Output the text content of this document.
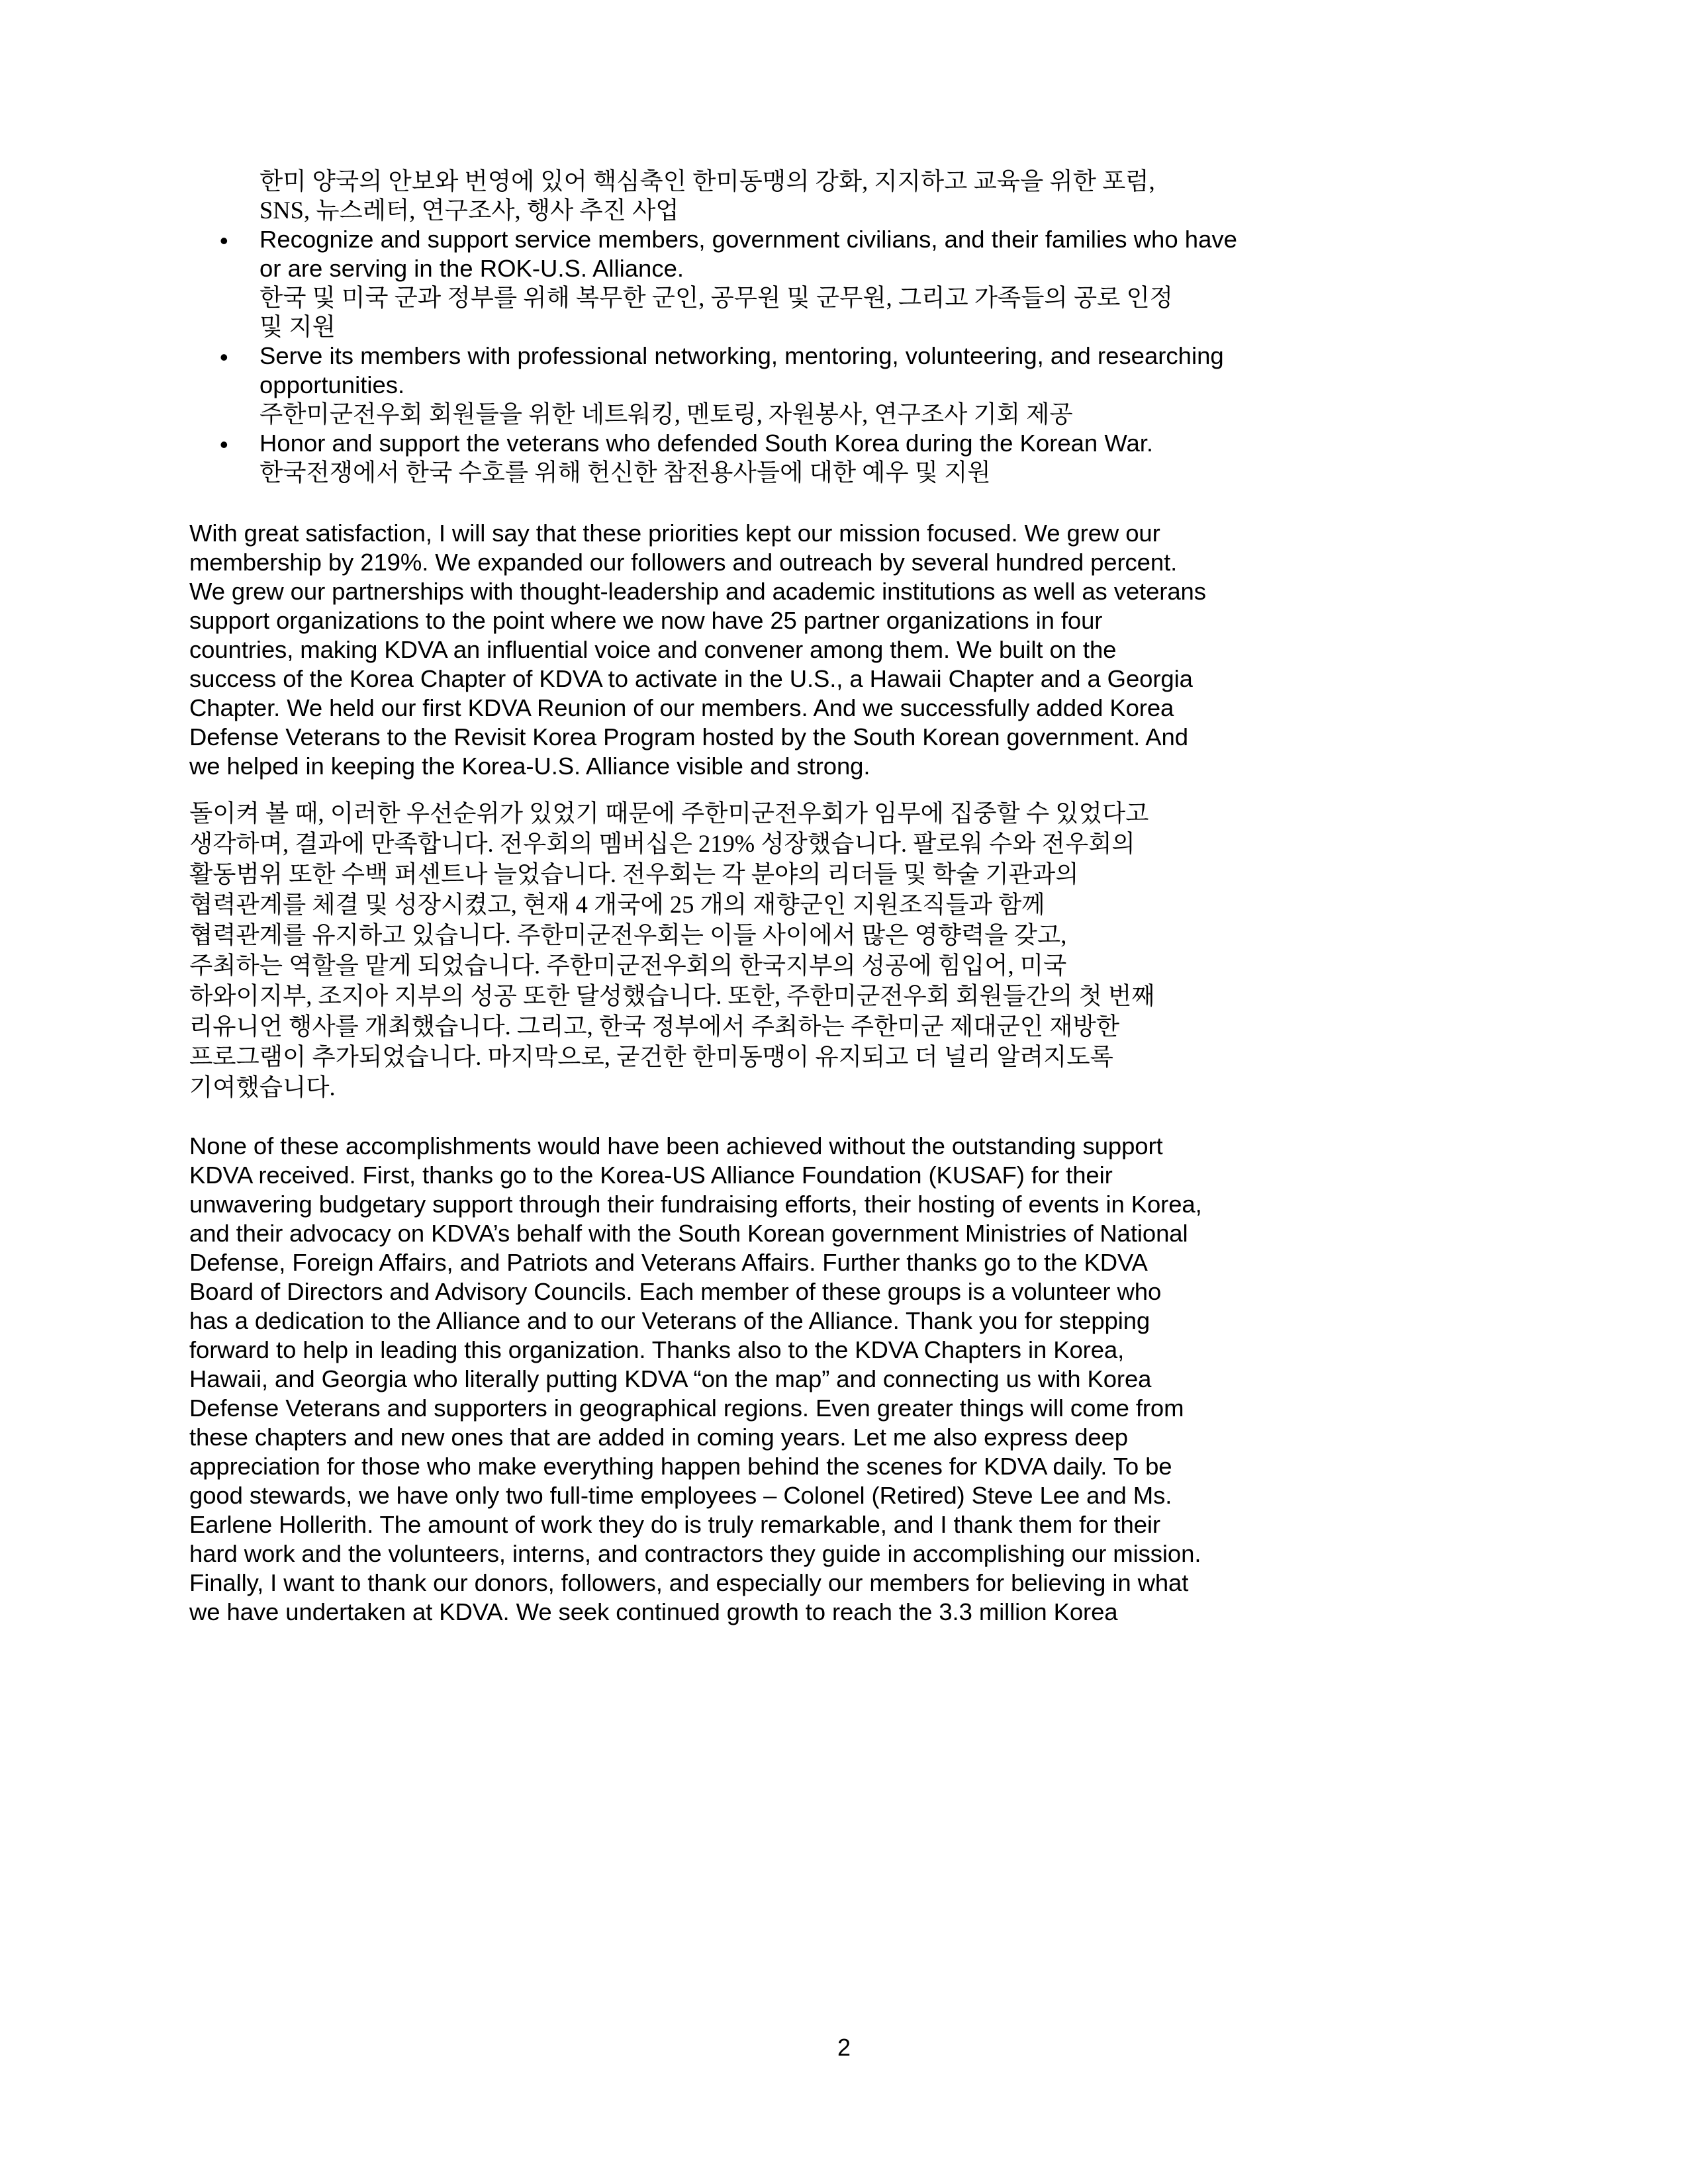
한미 양국의 안보와 번영에 있어 핵심축인 한미동맹의 강화, 지지하고 교육을 위한 포럼,
SNS, 뉴스레터, 연구조사, 행사 추진 사업
• Recognize and support service members, government civilians, and their families who have
or are serving in the ROK-U.S. Alliance.
한국 및 미국 군과 정부를 위해 복무한 군인, 공무원 및 군무원, 그리고 가족들의 공로 인정
및 지원
• Serve its members with professional networking, mentoring, volunteering, and researching
opportunities.
주한미군전우회 회원들을 위한 네트워킹, 멘토링, 자원봉사, 연구조사 기회 제공
• Honor and support the veterans who defended South Korea during the Korean War.
한국전쟁에서 한국 수호를 위해 헌신한 참전용사들에 대한 예우 및 지원
With great satisfaction, I will say that these priorities kept our mission focused. We grew our
membership by 219%. We expanded our followers and outreach by several hundred percent.
We grew our partnerships with thought-leadership and academic institutions as well as veterans
support organizations to the point where we now have 25 partner organizations in four
countries, making KDVA an influential voice and convener among them. We built on the
success of the Korea Chapter of KDVA to activate in the U.S., a Hawaii Chapter and a Georgia
Chapter. We held our first KDVA Reunion of our members. And we successfully added Korea
Defense Veterans to the Revisit Korea Program hosted by the South Korean government. And
we helped in keeping the Korea-U.S. Alliance visible and strong.
돌이켜 볼 때, 이러한 우선순위가 있었기 때문에 주한미군전우회가 임무에 집중할 수 있었다고
생각하며, 결과에 만족합니다. 전우회의 멤버십은 219% 성장했습니다. 팔로워 수와 전우회의
활동범위 또한 수백 퍼센트나 늘었습니다. 전우회는 각 분야의 리더들 및 학술 기관과의
협력관계를 체결 및 성장시켰고, 현재 4 개국에 25 개의 재향군인 지원조직들과 함께
협력관계를 유지하고 있습니다. 주한미군전우회는 이들 사이에서 많은 영향력을 갖고,
주최하는 역할을 맡게 되었습니다. 주한미군전우회의 한국지부의 성공에 힘입어, 미국
하와이지부, 조지아 지부의 성공 또한 달성했습니다. 또한, 주한미군전우회 회원들간의 첫 번째
리유니언 행사를 개최했습니다. 그리고, 한국 정부에서 주최하는 주한미군 제대군인 재방한
프로그램이 추가되었습니다. 마지막으로, 굳건한 한미동맹이 유지되고 더 널리 알려지도록
기여했습니다.
None of these accomplishments would have been achieved without the outstanding support
KDVA received. First, thanks go to the Korea-US Alliance Foundation (KUSAF) for their
unwavering budgetary support through their fundraising efforts, their hosting of events in Korea,
and their advocacy on KDVA’s behalf with the South Korean government Ministries of National
Defense, Foreign Affairs, and Patriots and Veterans Affairs. Further thanks go to the KDVA
Board of Directors and Advisory Councils. Each member of these groups is a volunteer who
has a dedication to the Alliance and to our Veterans of the Alliance. Thank you for stepping
forward to help in leading this organization. Thanks also to the KDVA Chapters in Korea,
Hawaii, and Georgia who literally putting KDVA “on the map” and connecting us with Korea
Defense Veterans and supporters in geographical regions. Even greater things will come from
these chapters and new ones that are added in coming years. Let me also express deep
appreciation for those who make everything happen behind the scenes for KDVA daily. To be
good stewards, we have only two full-time employees – Colonel (Retired) Steve Lee and Ms.
Earlene Hollerith. The amount of work they do is truly remarkable, and I thank them for their
hard work and the volunteers, interns, and contractors they guide in accomplishing our mission.
Finally, I want to thank our donors, followers, and especially our members for believing in what
we have undertaken at KDVA. We seek continued growth to reach the 3.3 million Korea
2
